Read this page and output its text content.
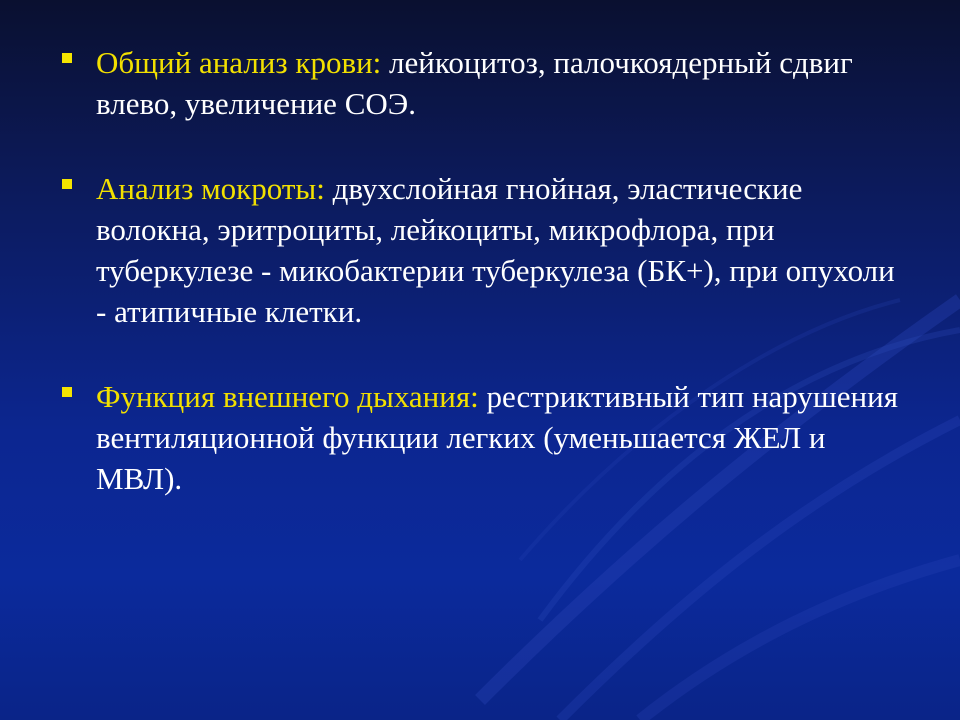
Общий анализ крови: лейкоцитоз, палочкоядерный сдвиг влево, увеличение СОЭ.
Анализ мокроты: двухслойная гнойная, эластические волокна, эритроциты, лейкоциты, микрофлора, при туберкулезе - микобактерии туберкулеза (БК+), при опухоли - атипичные клетки.
Функция внешнего дыхания: рестриктивный тип нарушения вентиляционной функции легких (уменьшается ЖЕЛ и МВЛ).
